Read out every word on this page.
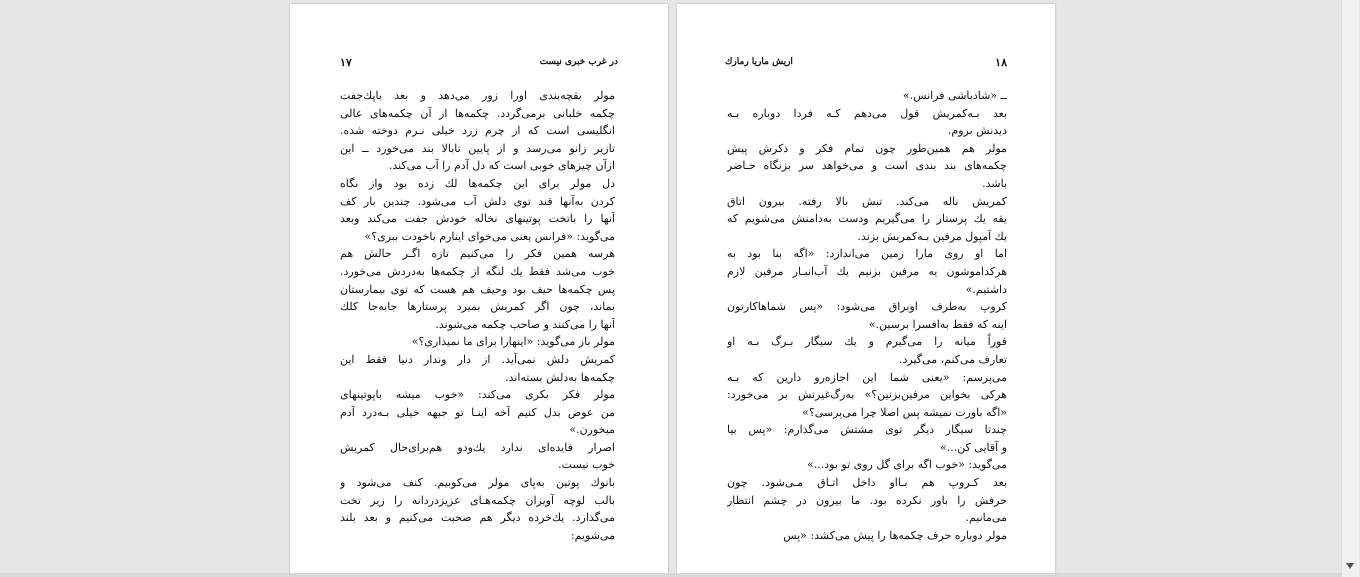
۱۸
اریش ماریا رمارك
ــ «شادباشی فرانس.»
بعد بـه‌کمریش قول می‌دهم کـه فردا دوباره بـه
دیدنش بروم.
مولر هم همین‌طور چون تمام فکر و ذکرش پیش
چکمه‌های بند بندی است و می‌خواهد سر بزنگاه حـاضر
باشد.
کمریش ناله می‌کند. تبش بالا رفته. بیرون اتاق
یقه یك پرستار را می‌گیریم ودست به‌دامنش می‌شویم که
یك آمپول مرفین بـه‌کمریش بزند.
اما او روی مارا زمین می‌اندازد: «اگه بنا بود به
هرکداموشون یه مرفین بزنیم یك آب‌انبـار مرفین لازم
داشتیم.»
کروپ به‌طرف اوبراق می‌شود: «پس شماهاکارتون
اینه که فقط به‌افسرا برسین.»
فوراً میانه را می‌گیرم و یك سیگار بـرگ بـه او
تعارف می‌کنم، می‌گیرد.
می‌پرسم: «یعنی شما این اجازه‌رو دارین که بـه
هرکی بخواین مرفین‌بزنین؟» به‌رگ‌غیرتش بر می‌خورد:
«اگه باورت نمیشه پس اصلا چرا می‌پرسی؟»
چندتا سیگار دیگر توی مشتش می‌گذارم: «پس بیا
و آقایی کن...»
می‌گوید: «خوب اگه برای گل روی تو بود...»
بعد کـروپ هم بـااو داخل اتـاق مـی‌شود. چون
حرفش را باور نکرده بود. ما بیرون در چشم انتظار
می‌مانیم.
مولر دوباره حرف چکمه‌ها را پیش می‌کشد: «پس
۱۷	در غرب خبری نیست
مولر بقچه‌بندی اورا زور می‌دهد و بعد باپك‌جفت
چکمه خلبانی برمی‌گردد. چکمه‌ها از آن چکمه‌های عالی
انگلیسی است که از چرم زرد خیلی نـرم دوخته شده.
تازیر زانو می‌رسد و از پایین تابالا بند می‌خورد ــ این
ازآن چیزهای خوبی است که دل آدم را آب می‌کند.
دل مولر برای این چکمه‌ها لك زده بود واز نگاه
کردن به‌آنها قند توی دلش آب می‌شود. چندین بار کف
آنها را باتخت پوتینهای نخاله خودش جفت می‌کند وبعد
می‌گوید: «فرانس یعنی می‌خوای اینارم باخودت ببری؟»
هرسه همین فکر را می‌کنیم تازه اگـر حالش هم
خوب می‌شد فقط یك لنگه از چکمه‌ها به‌دردش می‌خورد.
پس چکمه‌ها حیف بود وحیف هم هست که توی بیمارستان
بماند، چون اگر کمریش بمیرد پرستارها جابه‌جا کلك
آنها را می‌کنند و صاحب چکمه می‌شوند.
مولر باز می‌گوید: «اینهارا برای ما نمیذاری؟»
کمریش دلش نمی‌آید. از دار وندار دنیا فقط این
چکمه‌ها به‌دلش بسته‌اند.
مولر فکر بکری می‌کند: «خوب میشه باپوتینهای
من عوض بدل کنیم آخه اینـا تو جبهه خیلی بـه‌درد آدم
میخورن.»
اصرار فایده‌ای ندارد یك‌ودو هم‌برای‌حال کمریش
خوب نیست.
بانوك پوتین به‌پای مولر می‌کوبیم. کنف می‌شود و
بالب لوچه آویزان چکمه‌هـای عزیزدردانه را زیر تخت
می‌گذارد. یك‌خرده دیگر هم صحبت می‌کنیم و بعد بلند
می‌شویم:
